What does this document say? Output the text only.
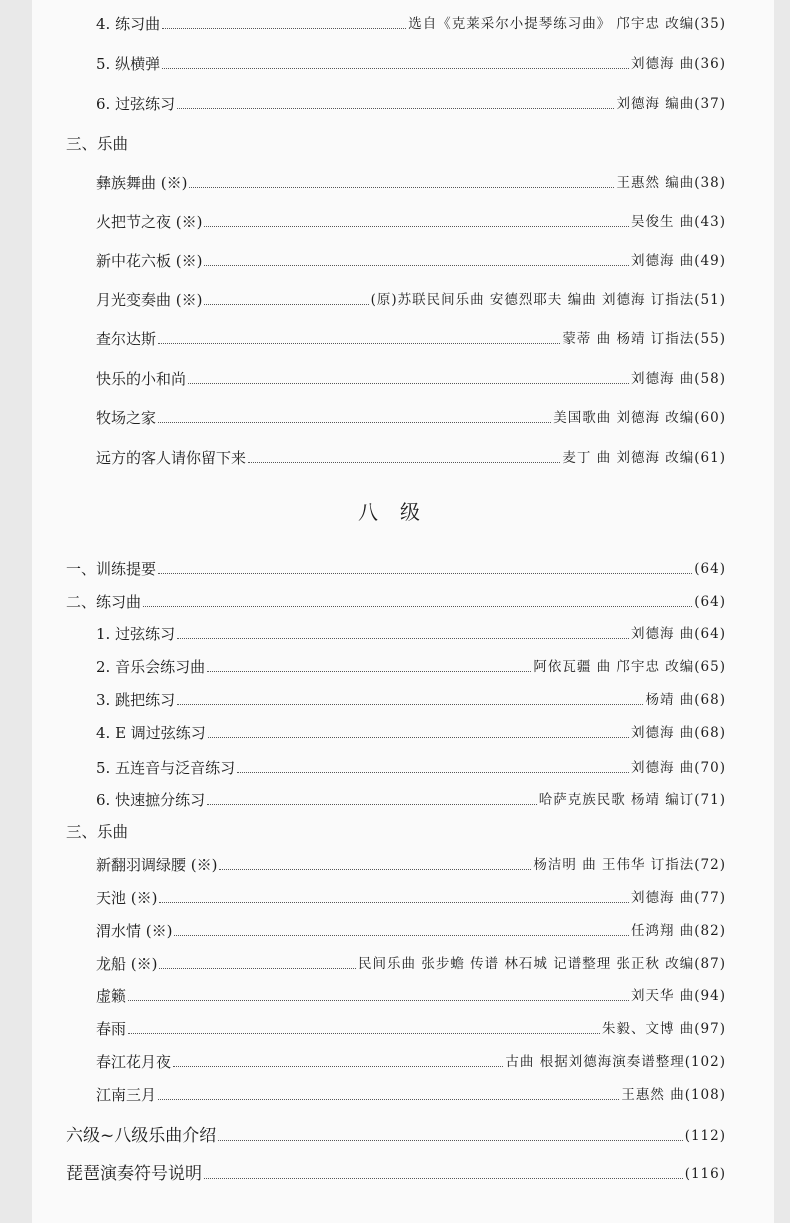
4. 练习曲	选自《克莱采尔小提琴练习曲》 邝宇忠 改编(35)
5. 纵横弹	刘德海 曲(36)
6. 过弦练习	刘德海 编曲(37)
三、乐曲
彝族舞曲 (※)	王惠然 编曲(38)
火把节之夜 (※)	吴俊生 曲(43)
新中花六板 (※)	刘德海 曲(49)
月光变奏曲 (※)	(原)苏联民间乐曲 安德烈耶夫 编曲 刘德海 订指法(51)
查尔达斯	蒙蒂 曲 杨靖 订指法(55)
快乐的小和尚	刘德海 曲(58)
牧场之家	美国歌曲 刘德海 改编(60)
远方的客人请你留下来	麦丁 曲 刘德海 改编(61)
八级
一、训练提要	(64)
二、练习曲	(64)
1. 过弦练习	刘德海 曲(64)
2. 音乐会练习曲	阿依瓦疆 曲 邝宇忠 改编(65)
3. 跳把练习	杨靖 曲(68)
4. E 调过弦练习	刘德海 曲(68)
5. 五连音与泛音练习	刘德海 曲(70)
6. 快速摭分练习	哈萨克族民歌 杨靖 编订(71)
三、乐曲
新翻羽调绿腰 (※)	杨洁明 曲 王伟华 订指法(72)
天池 (※)	刘德海 曲(77)
渭水情 (※)	任鸿翔 曲(82)
龙船 (※)	民间乐曲 张步蟾 传谱 林石城 记谱整理 张正秋 改编(87)
虚籁	刘天华 曲(94)
春雨	朱毅、文博 曲(97)
春江花月夜	古曲 根据刘德海演奏谱整理(102)
江南三月	王惠然 曲(108)
六级~八级乐曲介绍	(112)
琵琶演奏符号说明	(116)
